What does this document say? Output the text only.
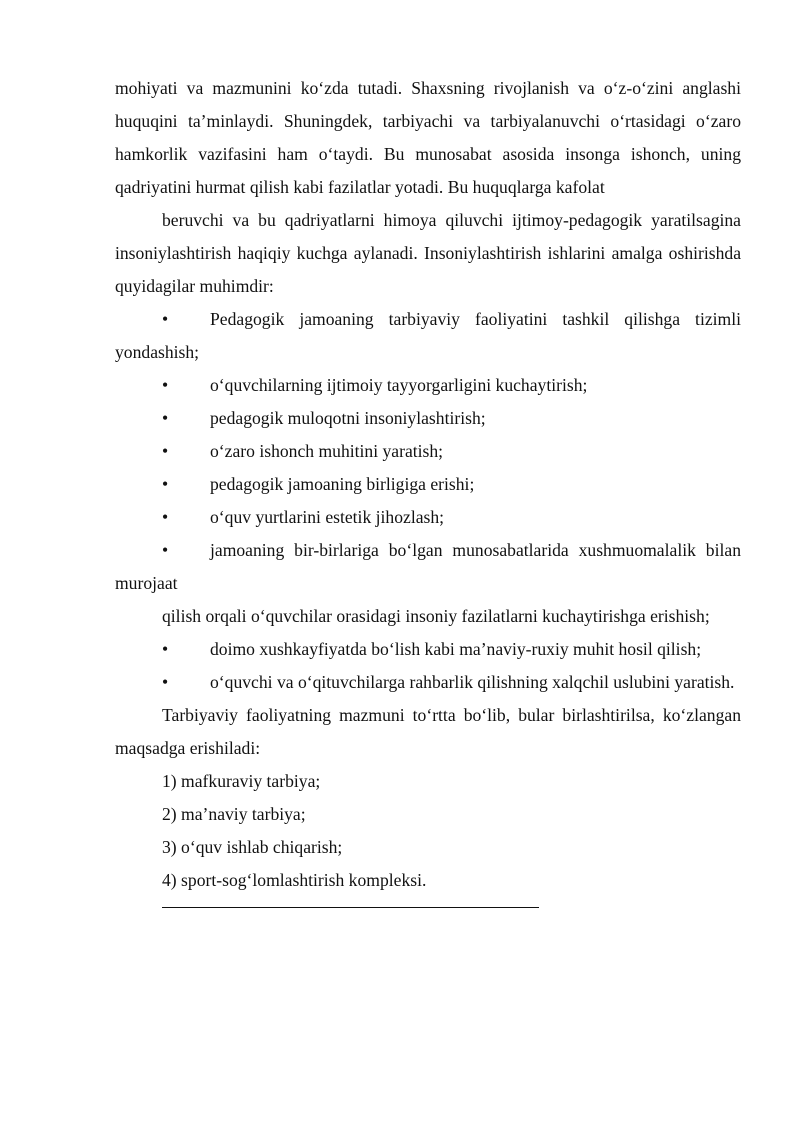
mohiyati va mazmunini koʻzda tutadi. Shaxsning rivojlanish va oʻz-oʻzini anglashi huquqini taʼminlaydi. Shuningdek, tarbiyachi va tarbiyalanuvchi oʻrtasidagi oʻzaro hamkorlik vazifasini ham oʻtaydi. Bu munosabat asosida insonga ishonch, uning qadriyatini hurmat qilish kabi fazilatlar yotadi. Bu huquqlarga kafolat

beruvchi va bu qadriyatlarni himoya qiluvchi ijtimoy-pedagogik yaratilsagina insoniylashtirish haqiqiy kuchga aylanadi. Insoniylashtirish ishlarini amalga oshirishda quyidagilar muhimdir:

• Pedagogik jamoaning tarbiyaviy faoliyatini tashkil qilishga tizimli yondashish;

• oʻquvchilarning ijtimoiy tayyorgarligini kuchaytirish;

• pedagogik muloqotni insoniylashtirish;

• oʻzaro ishonch muhitini yaratish;

• pedagogik jamoaning birligiga erishi;

• oʻquv yurtlarini estetik jihozlash;

• jamoaning bir-birlariga boʻlgan munosabatlarida xushmuomalalik bilan murojaat

qilish orqali oʻquvchilar orasidagi insoniy fazilatlarni kuchaytirishga erishish;

• doimo xushkayfiyatda boʻlish kabi maʼnaviy-ruxiy muhit hosil qilish;

• oʻquvchi va oʻqituvchilarga rahbarlik qilishning xalqchil uslubini yaratish.

Tarbiyaviy faoliyatning mazmuni toʻrtta boʻlib, bular birlashtirilsa, koʻzlangan maqsadga erishiladi:

1) mafkuraviy tarbiya;

2) maʼnaviy tarbiya;

3) oʻquv ishlab chiqarish;

4) sport-sogʻlomlashtirish kompleksi.
